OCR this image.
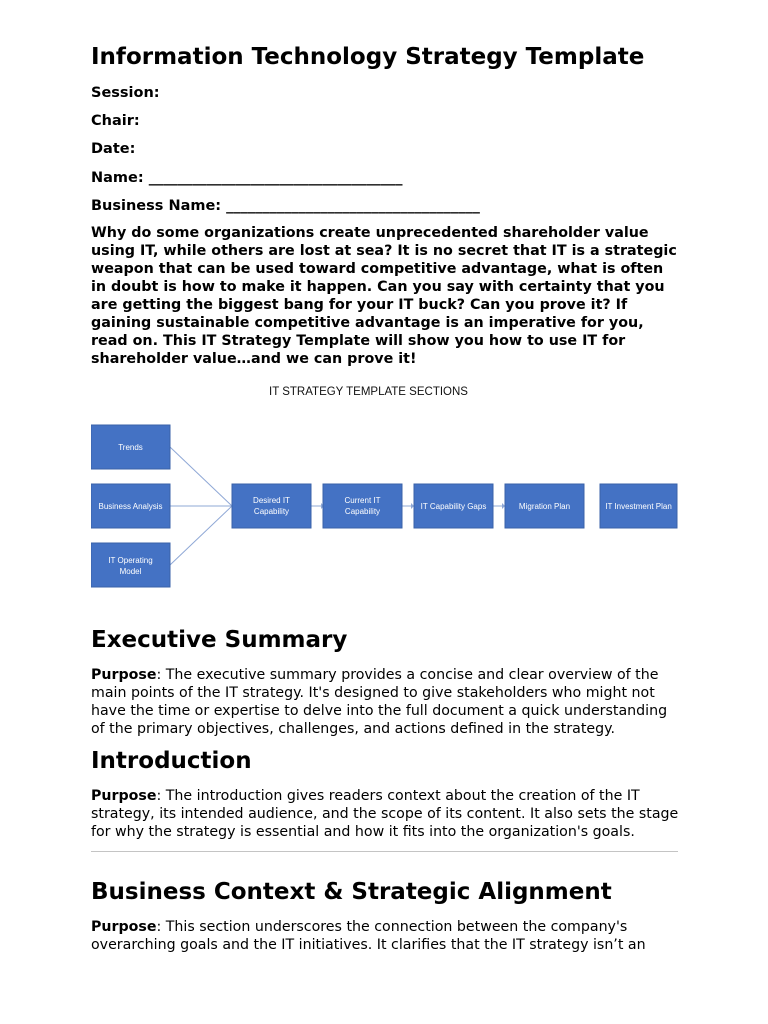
Information Technology Strategy Template

Session:

Chair:

Date:

Name: ___________________________________

Business Name: ___________________________________

Why do some organizations create unprecedented shareholder value using IT, while others are lost at sea? It is no secret that IT is a strategic weapon that can be used toward competitive advantage, what is often in doubt is how to make it happen. Can you say with certainty that you are getting the biggest bang for your IT buck? Can you prove it? If gaining sustainable competitive advantage is an imperative for you, read on. This IT Strategy Template will show you how to use IT for shareholder value…and we can prove it!

IT STRATEGY TEMPLATE SECTIONS
Trends
Business Analysis
IT Operating Model
Desired IT Capability
Current IT Capability
IT Capability Gaps	Migration Plan	IT Investment Plan
Executive Summary

Purpose: The executive summary provides a concise and clear overview of the main points of the IT strategy. It's designed to give stakeholders who might not have the time or expertise to delve into the full document a quick understanding of the primary objectives, challenges, and actions defined in the strategy.

Introduction

Purpose: The introduction gives readers context about the creation of the IT strategy, its intended audience, and the scope of its content. It also sets the stage for why the strategy is essential and how it fits into the organization's goals.

Business Context & Strategic Alignment

Purpose: This section underscores the connection between the company's overarching goals and the IT initiatives. It clarifies that the IT strategy isn’t an
